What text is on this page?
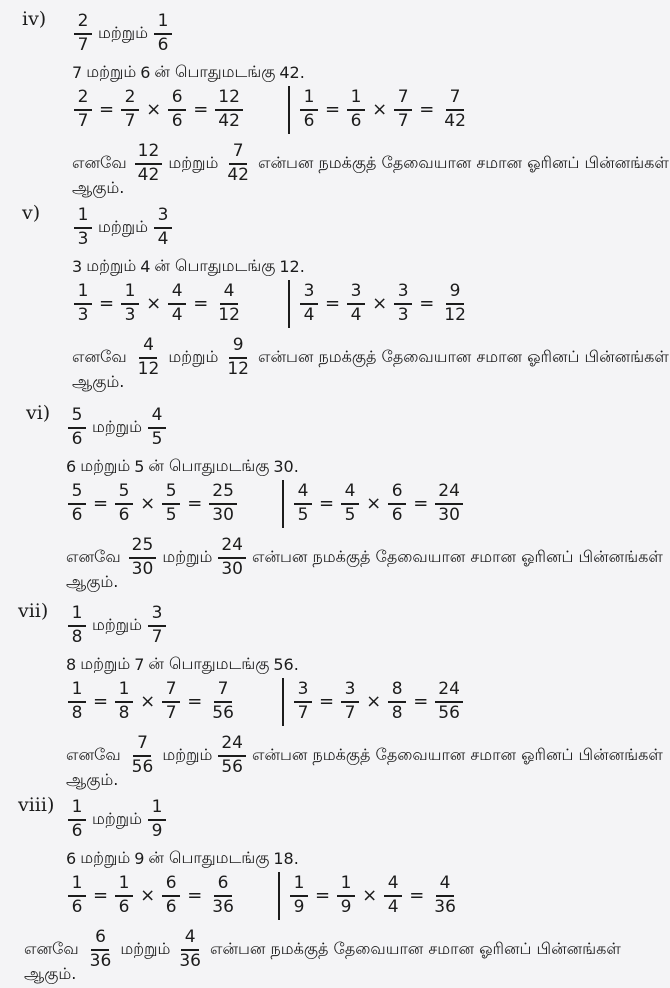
$iv) \frac{2}{7}$ மற்றும் $\frac{1}{6}$
7 மற்றும் 6 ன் பொதுமடங்கு 42.
$\frac{2}{7} = \frac{2}{7} \times \frac{6}{6} = \frac{12}{42}$	$\frac{1}{6} = \frac{1}{6} \times \frac{7}{7} = \frac{7}{42}$
எனவே $\frac{12}{42}$ மற்றும் $\frac{7}{42}$ என்பன நமக்குத் தேவையான சமான ஓரினப் பின்னங்கள்
ஆகும்.
$v) \frac{1}{3}$ மற்றும் $\frac{3}{4}$
3 மற்றும் 4 ன் பொதுமடங்கு 12.
$\frac{1}{3} = \frac{1}{3} \times \frac{4}{4} = \frac{4}{12}$	$\frac{3}{4} = \frac{3}{4} \times \frac{3}{3} = \frac{9}{12}$
எனவே $\frac{4}{12}$ மற்றும் $\frac{9}{12}$ என்பன நமக்குத் தேவையான சமான ஓரினப் பின்னங்கள்
ஆகும்.
$vi) \frac{5}{6}$ மற்றும் $\frac{4}{5}$
6 மற்றும் 5 ன் பொதுமடங்கு 30.
$\frac{5}{6} = \frac{5}{6} \times \frac{5}{5} = \frac{25}{30}$	$\frac{4}{5} = \frac{4}{5} \times \frac{6}{6} = \frac{24}{30}$
எனவே $\frac{25}{30}$ மற்றும் $\frac{24}{30}$ என்பன நமக்குத் தேவையான சமான ஓரினப் பின்னங்கள்
ஆகும்.
$vii) \frac{1}{8}$ மற்றும் $\frac{3}{7}$
8 மற்றும் 7 ன் பொதுமடங்கு 56.
$\frac{1}{8} = \frac{1}{8} \times \frac{7}{7} = \frac{7}{56}$	$\frac{3}{7} = \frac{3}{7} \times \frac{8}{8} = \frac{24}{56}$
எனவே $\frac{7}{56}$ மற்றும் $\frac{24}{56}$ என்பன நமக்குத் தேவையான சமான ஓரினப் பின்னங்கள்
ஆகும்.
viii) $\frac{1}{6}$ மற்றும் $\frac{1}{9}$
6 மற்றும் 9 ன் பொதுமடங்கு 18.
$\frac{1}{6} = \frac{1}{6} \times \frac{6}{6} = \frac{6}{36}$	$\frac{1}{9} = \frac{1}{9} \times \frac{4}{4} = \frac{4}{36}$
எனவே $\frac{6}{36}$ மற்றும் $\frac{4}{36}$ என்பன நமக்குத் தேவையான சமான ஓரினப் பின்னங்கள்
ஆகும்.
